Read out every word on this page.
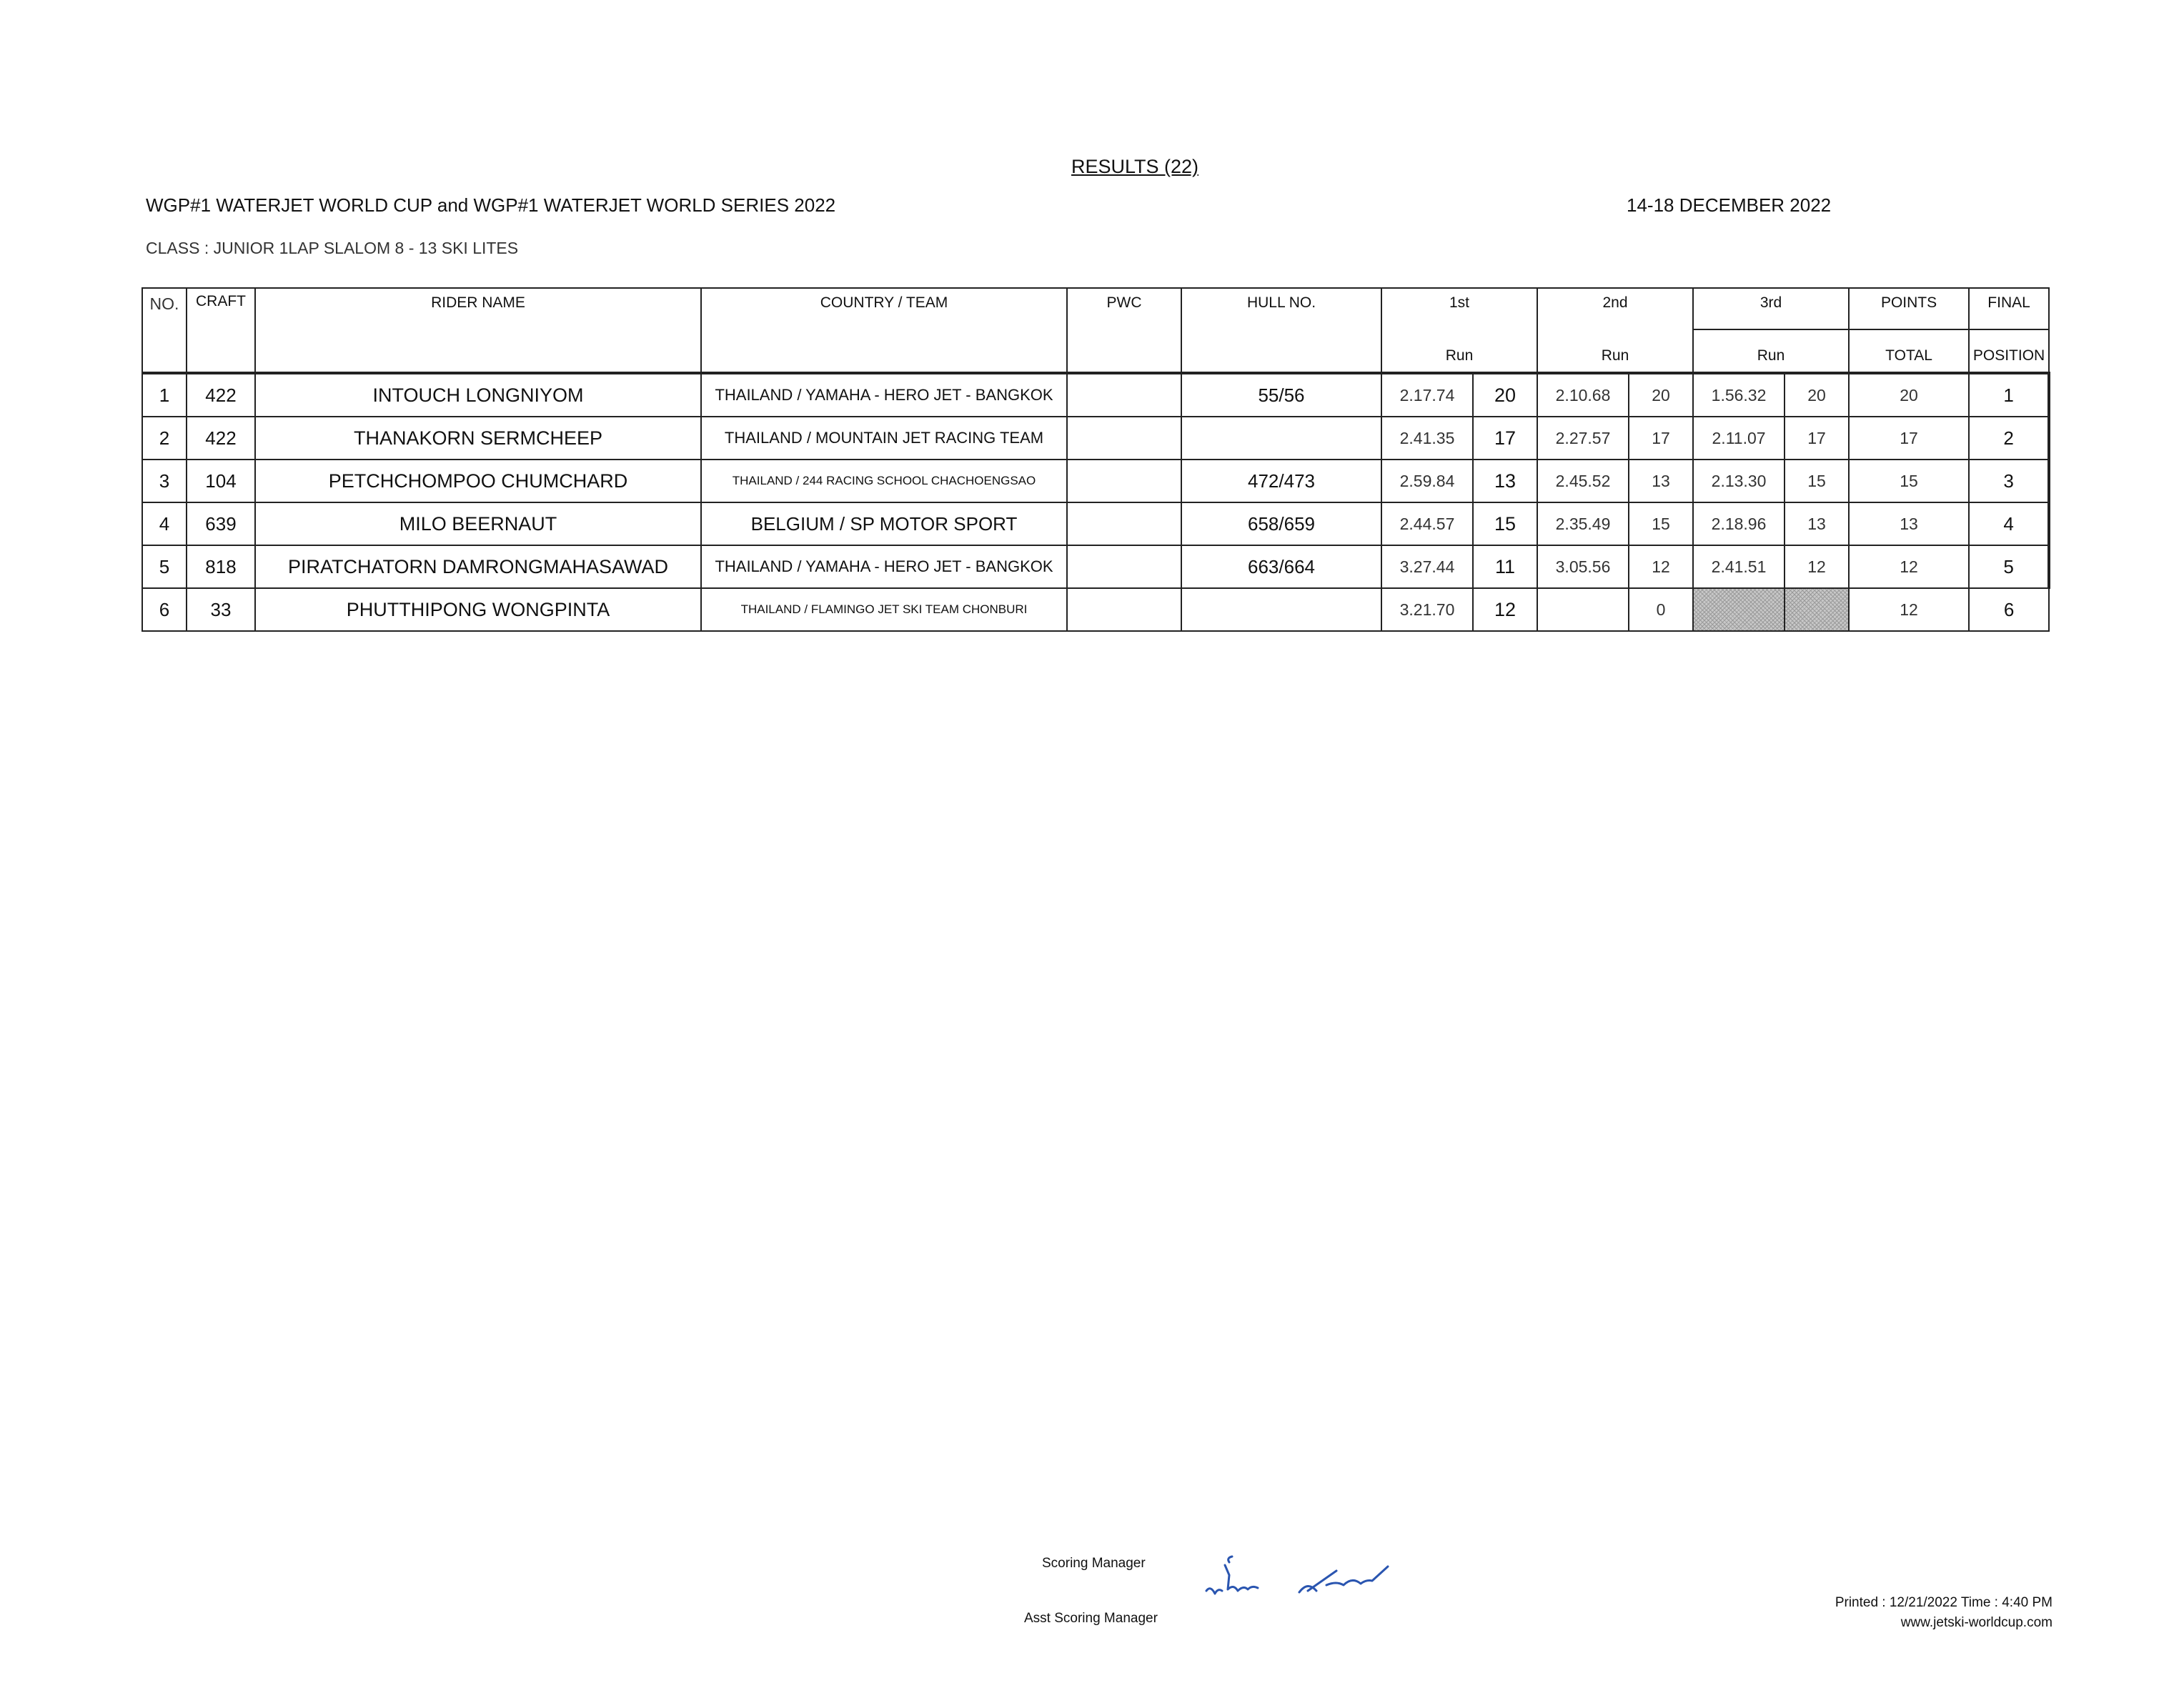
RESULTS (22)
WGP#1 WATERJET WORLD CUP and WGP#1 WATERJET WORLD SERIES 2022	14-18 DECEMBER 2022
CLASS : JUNIOR 1LAP SLALOM 8 - 13 SKI LITES
NO.	CRAFT	RIDER NAME	COUNTRY / TEAM	PWC	HULL NO.	1st		2nd		3rd		POINTS	FINAL
						Run		Run		Run		TOTAL	POSITION
1	422	INTOUCH LONGNIYOM	THAILAND / YAMAHA - HERO JET - BANGKOK		55/56	2.17.74	20	2.10.68	20	1.56.32	20	20	1
2	422	THANAKORN SERMCHEEP	THAILAND / MOUNTAIN JET RACING TEAM			2.41.35	17	2.27.57	17	2.11.07	17	17	2
3	104	PETCHCHOMPOO CHUMCHARD	THAILAND / 244 RACING SCHOOL CHACHOENGSAO		472/473	2.59.84	13	2.45.52	13	2.13.30	15	15	3
4	639	MILO BEERNAUT	BELGIUM / SP MOTOR SPORT		658/659	2.44.57	15	2.35.49	15	2.18.96	13	13	4
5	818	PIRATCHATORN DAMRONGMAHASAWAD	THAILAND / YAMAHA - HERO JET - BANGKOK		663/664	3.27.44	11	3.05.56	12	2.41.51	12	12	5
6	33	PHUTTHIPONG WONGPINTA	THAILAND / FLAMINGO JET SKI TEAM CHONBURI			3.21.70	12		0			12	6
Scoring Manager
Asst Scoring Manager
Printed : 12/21/2022 Time : 4:40 PM
www.jetski-worldcup.com
